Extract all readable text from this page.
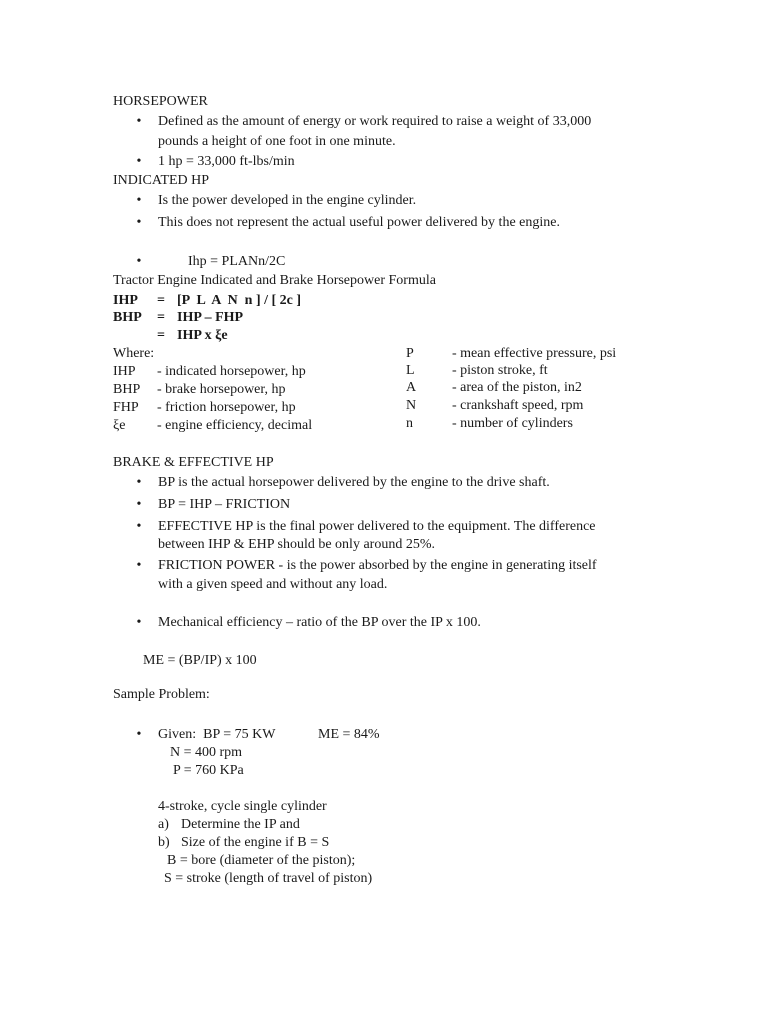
HORSEPOWER
• Defined as the amount of energy or work required to raise a weight of 33,000
pounds a height of one foot in one minute.
• 1 hp = 33,000 ft-lbs/min
INDICATED HP
• Is the power developed in the engine cylinder.
• This does not represent the actual useful power delivered by the engine.
•	Ihp = PLANn/2C
Tractor Engine Indicated and Brake Horsepower Formula
IHP = [P  L  A  N  n ] / [ 2c ]
BHP = IHP – FHP
= IHP x ξe
Where:
IHP - indicated horsepower, hp
BHP - brake horsepower, hp
FHP - friction horsepower, hp
ξe - engine efficiency, decimal
P	- mean effective pressure, psi
L	- piston stroke, ft
A	- area of the piston, in2
N	- crankshaft speed, rpm
n	- number of cylinders
BRAKE & EFFECTIVE HP
• BP is the actual horsepower delivered by the engine to the drive shaft.
• BP = IHP – FRICTION
• EFFECTIVE HP is the final power delivered to the equipment. The difference
between IHP & EHP should be only around 25%.
• FRICTION POWER - is the power absorbed by the engine in generating itself
with a given speed and without any load.
• Mechanical efficiency – ratio of the BP over the IP x 100.
ME = (BP/IP) x 100
Sample Problem:
• Given:  BP = 75 KW	ME = 84%
N = 400 rpm
P = 760 KPa
4-stroke, cycle single cylinder
a) Determine the IP and
b) Size of the engine if B = S
B = bore (diameter of the piston);
S = stroke (length of travel of piston)
